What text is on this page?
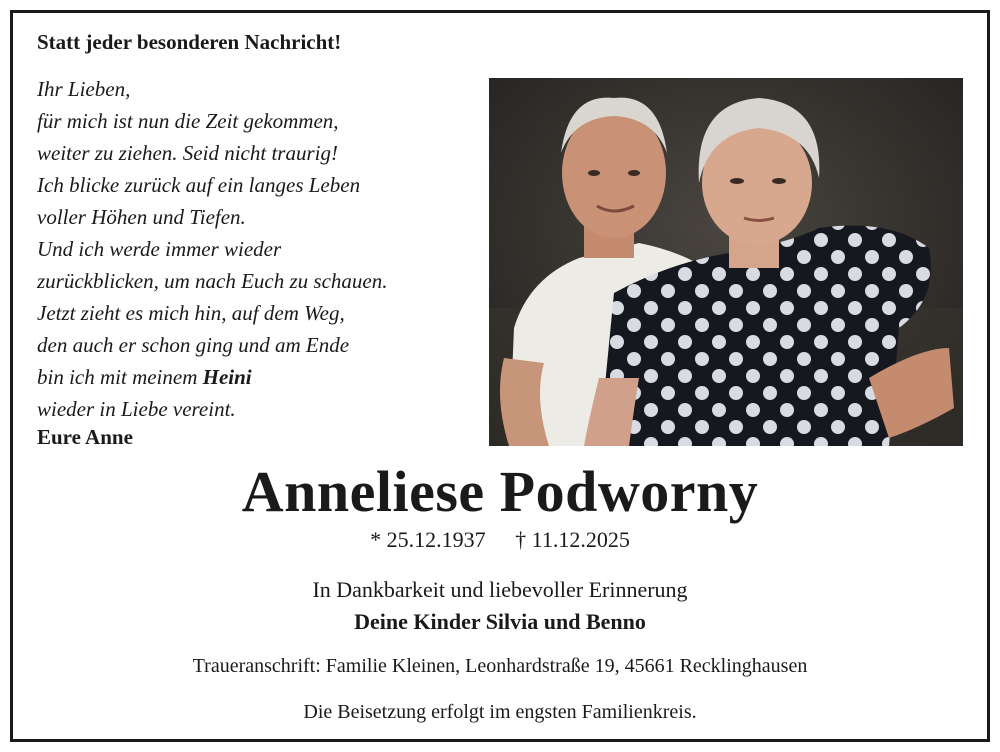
Statt jeder besonderen Nachricht!
Ihr Lieben,
für mich ist nun die Zeit gekommen,
weiter zu ziehen. Seid nicht traurig!
Ich blicke zurück auf ein langes Leben
voller Höhen und Tiefen.
Und ich werde immer wieder
zurückblicken, um nach Euch zu schauen.
Jetzt zieht es mich hin, auf dem Weg,
den auch er schon ging und am Ende
bin ich mit meinem Heini
wieder in Liebe vereint.
Eure Anne
Anneliese Podworny
* 25.12.1937 † 11.12.2025
In Dankbarkeit und liebevoller Erinnerung
Deine Kinder Silvia und Benno
Traueranschrift: Familie Kleinen, Leonhardstraße 19, 45661 Recklinghausen
Die Beisetzung erfolgt im engsten Familienkreis.
